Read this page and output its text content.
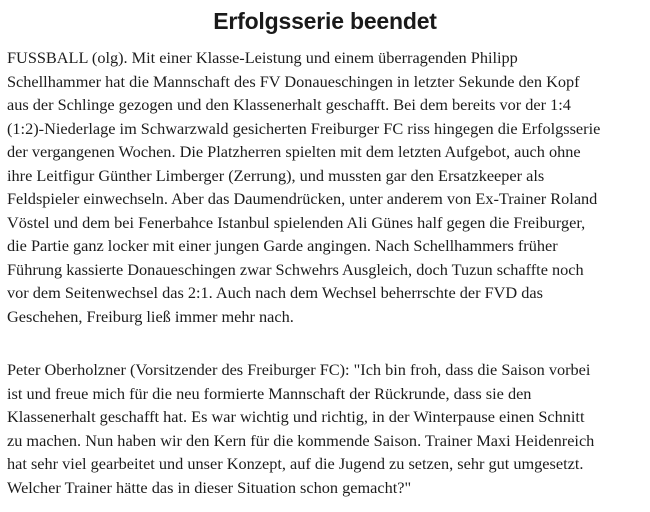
Erfolgsserie beendet

FUSSBALL (olg). Mit einer Klasse-Leistung und einem überragenden Philipp
Schellhammer hat die Mannschaft des FV Donaueschingen in letzter Sekunde den Kopf
aus der Schlinge gezogen und den Klassenerhalt geschafft. Bei dem bereits vor der 1:4
(1:2)-Niederlage im Schwarzwald gesicherten Freiburger FC riss hingegen die Erfolgsserie
der vergangenen Wochen. Die Platzherren spielten mit dem letzten Aufgebot, auch ohne
ihre Leitfigur Günther Limberger (Zerrung), und mussten gar den Ersatzkeeper als
Feldspieler einwechseln. Aber das Daumendrücken, unter anderem von Ex-Trainer Roland
Vöstel und dem bei Fenerbahce Istanbul spielenden Ali Günes half gegen die Freiburger,
die Partie ganz locker mit einer jungen Garde angingen. Nach Schellhammers früher
Führung kassierte Donaueschingen zwar Schwehrs Ausgleich, doch Tuzun schaffte noch
vor dem Seitenwechsel das 2:1. Auch nach dem Wechsel beherrschte der FVD das
Geschehen, Freiburg ließ immer mehr nach.

Peter Oberholzner (Vorsitzender des Freiburger FC): "Ich bin froh, dass die Saison vorbei
ist und freue mich für die neu formierte Mannschaft der Rückrunde, dass sie den
Klassenerhalt geschafft hat. Es war wichtig und richtig, in der Winterpause einen Schnitt
zu machen. Nun haben wir den Kern für die kommende Saison. Trainer Maxi Heidenreich
hat sehr viel gearbeitet und unser Konzept, auf die Jugend zu setzen, sehr gut umgesetzt.
Welcher Trainer hätte das in dieser Situation schon gemacht?"
